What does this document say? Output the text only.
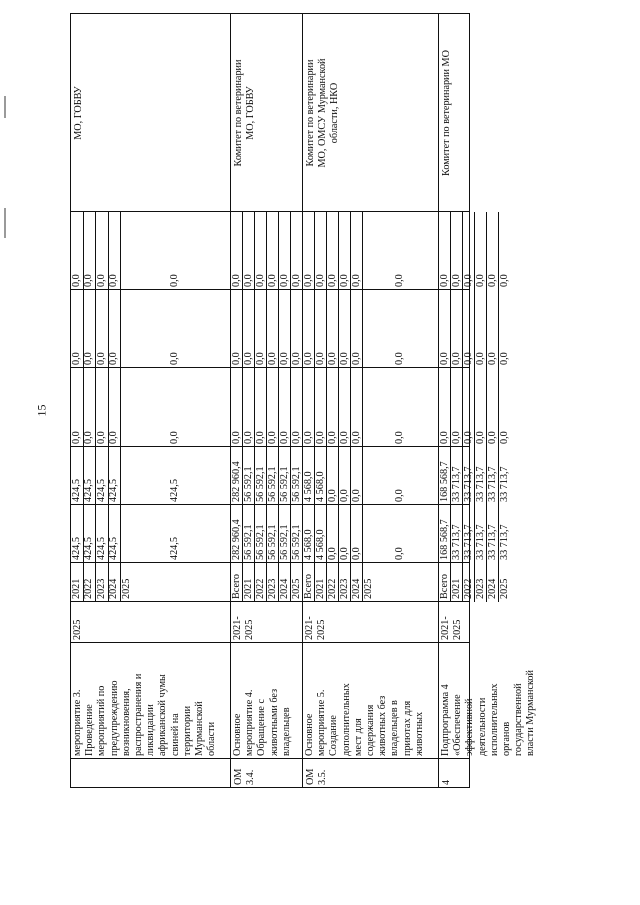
15
мероприятие 3.
Проведение
мероприятий по
предупреждению
возникновения,
распространения и
ликвидации
африканской чумы
свиней на
территории
Мурманской
области
2025
МО, ГОБВУ
2021
424,5
424,5
0,0
0,0
0,0
2022
424,5
424,5
0,0
0,0
0,0
2023
424,5
424,5
0,0
0,0
0,0
2024
424,5
424,5
0,0
0,0
0,0
2025
424,5
424,5
0,0
0,0
0,0
ОМ
3.4.
Основное
мероприятие 4.
Обращение с
животными без
владельцев
2021-
2025
Комитет по ветеринарии
МО, ГОБВУ
Всего
282 960,4
282 960,4
0,0
0,0
0,0
2021
56 592,1
56 592,1
0,0
0,0
0,0
2022
56 592,1
56 592,1
0,0
0,0
0,0
2023
56 592,1
56 592,1
0,0
0,0
0,0
2024
56 592,1
56 592,1
0,0
0,0
0,0
2025
56 592,1
56 592,1
0,0
0,0
0,0
ОМ
3.5.
Основное
мероприятие 5.
Создание
дополнительных
мест для
содержания
животных без
владельцев в
приютах для
животных
2021-
2025
Комитет по ветеринарии
МО, ОМСУ Мурманской
области, НКО
Всего
4 568,0
4 568,0
0,0
0,0
0,0
2021
4 568,0
4 568,0
0,0
0,0
0,0
2022
0,0
0,0
0,0
0,0
0,0
2023
0,0
0,0
0,0
0,0
0,0
2024
0,0
0,0
0,0
0,0
0,0
2025
0,0
0,0
0,0
0,0
0,0
4
Подпрограмма 4
«Обеспечение
эффективной
деятельности
исполнительных
органов
государственной
власти Мурманской
2021-
2025
Комитет по ветеринарии МО
Всего
168 568,7
168 568,7
0,0
0,0
0,0
2021
33 713,7
33 713,7
0,0
0,0
0,0
2022
33 713,7
33 713,7
0,0
0,0
0,0
2023
33 713,7
33 713,7
0,0
0,0
0,0
2024
33 713,7
33 713,7
0,0
0,0
0,0
2025
33 713,7
33 713,7
0,0
0,0
0,0
